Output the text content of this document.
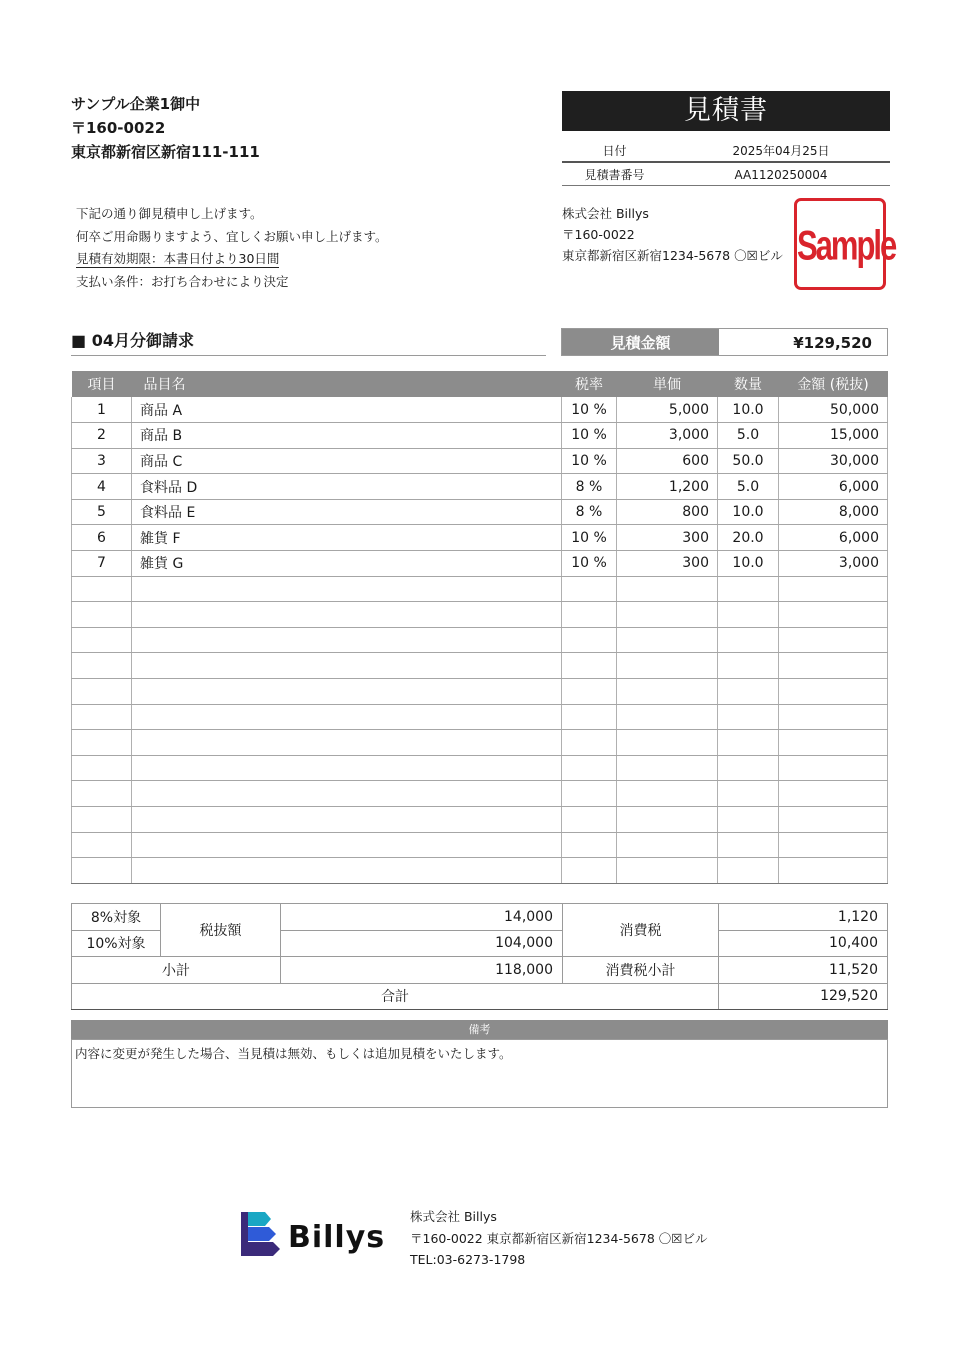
サンプル企業1御中
〒160-0022
東京都新宿区新宿111-111
見積書
日付	2025年04月25日
見積書番号	AA1120250004
下記の通り御見積申し上げます。
何卒ご用命賜りますよう、宜しくお願い申し上げます。
見積有効期限：本書日付より30日間
支払い条件：お打ち合わせにより決定
株式会社 Billys
〒160-0022
東京都新宿区新宿1234-5678 〇☒ビル Sample
■ 04月分御請求	見積金額	¥129,520
項目	品目名	税率	単価	数量	金額 (税抜)
1	商品 A	10 %	5,000	10.0	50,000
2	商品 B	10 %	3,000	5.0	15,000
3	商品 C	10 %	600	50.0	30,000
4	食料品 D	8 %	1,200	5.0	6,000
5	食料品 E	8 %	800	10.0	8,000
6	雑貨 F	10 %	300	20.0	6,000
7	雑貨 G	10 %	300	10.0	3,000

8%対象	税抜額	14,000	消費税	1,120
10%対象		104,000		10,400
小計		118,000	消費税小計	11,520
合計				129,520
備考
内容に変更が発生した場合、当見積は無効、もしくは追加見積をいたします。
Billys
株式会社 Billys
〒160-0022 東京都新宿区新宿1234-5678 〇☒ビル
TEL:03-6273-1798
